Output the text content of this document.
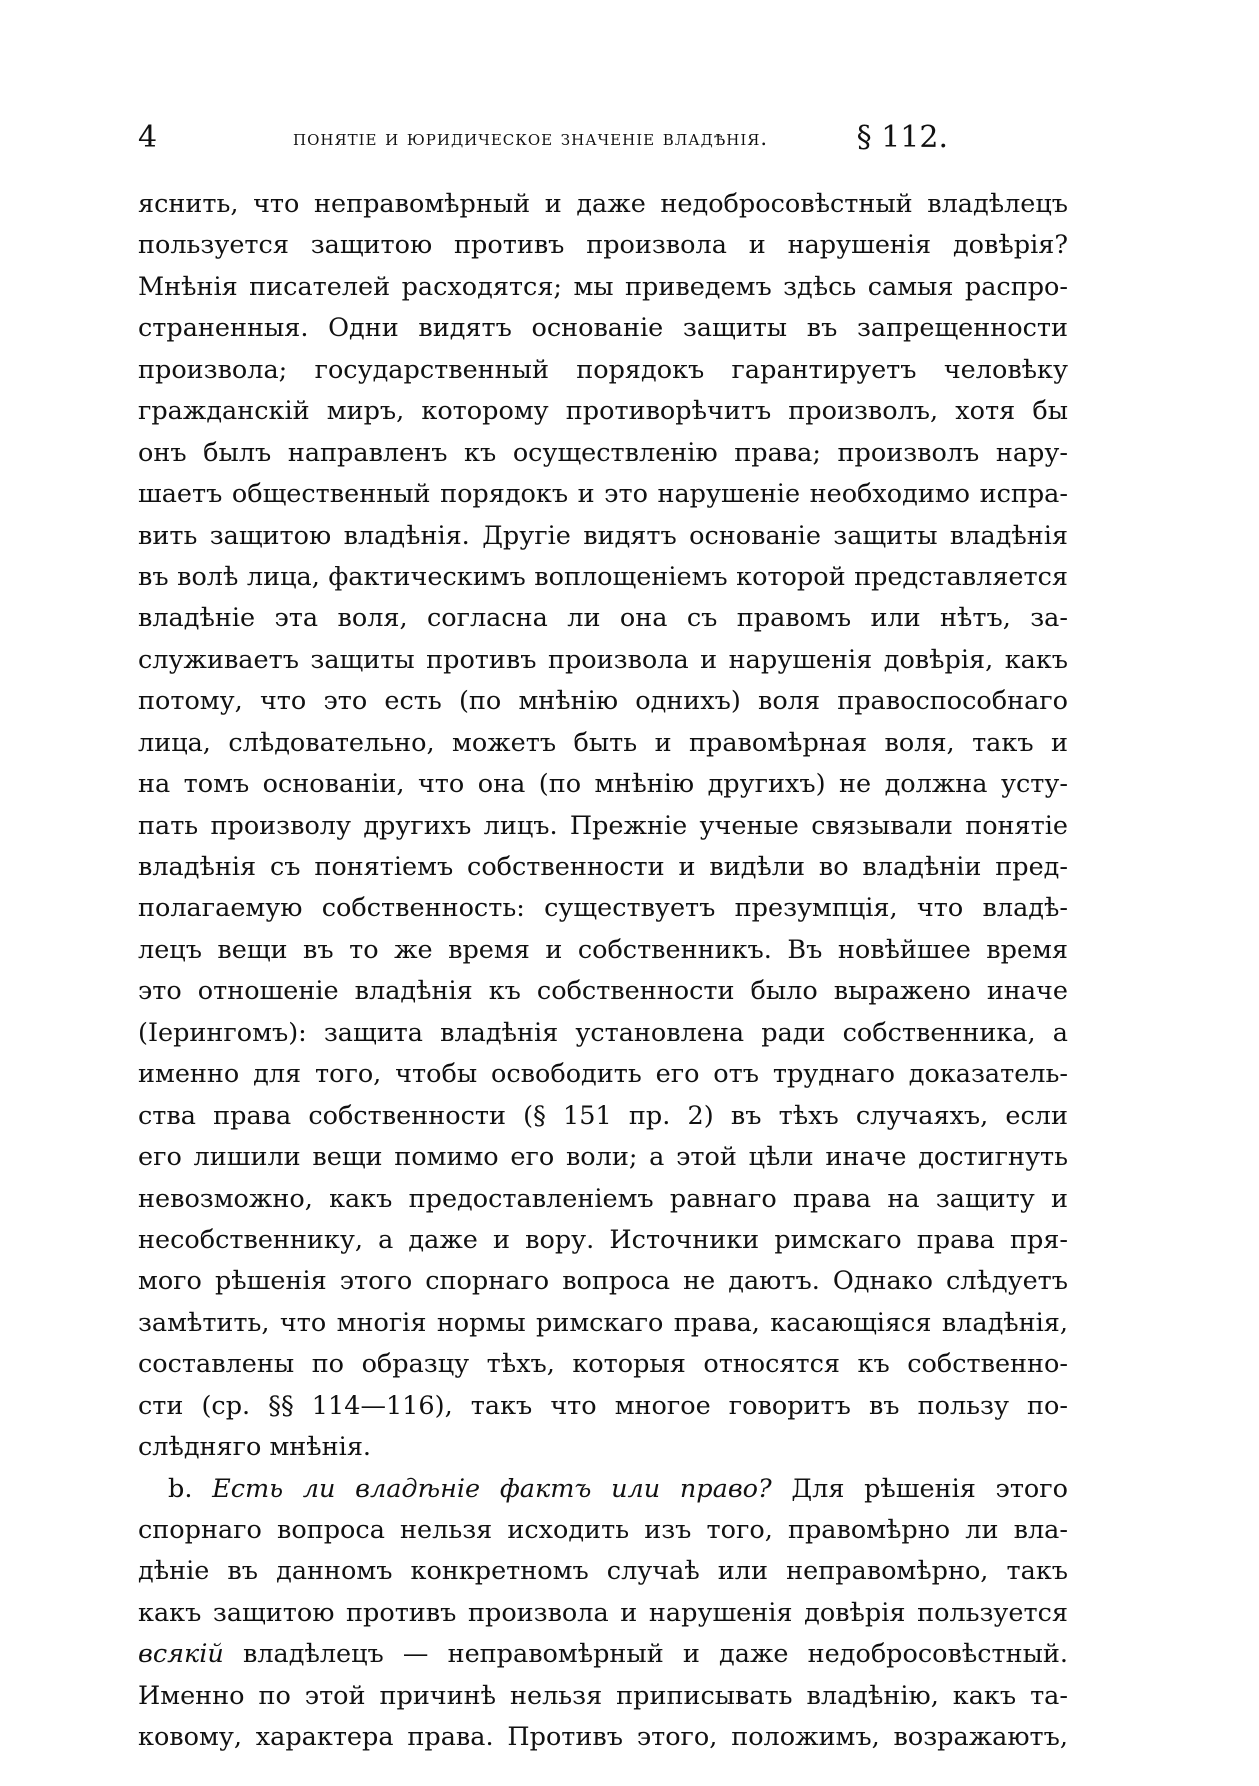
4	понятiе и юридическое значенiе владѣнiя.	§ 112.
яснить, что неправомѣрный и даже недобросовѣстный владѣлецъ
пользуется защитою противъ произвола и нарушенiя довѣрiя?
Мнѣнiя писателей расходятся; мы приведемъ здѣсь самыя распро-
страненныя. Одни видятъ основанiе защиты въ запрещенности
произвола; государственный порядокъ гарантируетъ человѣку
гражданскiй миръ, которому противорѣчитъ произволъ, хотя бы
онъ былъ направленъ къ осуществленiю права; произволъ нару-
шаетъ общественный порядокъ и это нарушенiе необходимо испра-
вить защитою владѣнiя. Другiе видятъ основанiе защиты владѣнiя
въ волѣ лица, фактическимъ воплощенiемъ которой представляется
владѣнiе эта воля, согласна ли она съ правомъ или нѣтъ, за-
служиваетъ защиты противъ произвола и нарушенiя довѣрiя, какъ
потому, что это есть (по мнѣнiю однихъ) воля правоспособнаго
лица, слѣдовательно, можетъ быть и правомѣрная воля, такъ и
на томъ основанiи, что она (по мнѣнiю другихъ) не должна усту-
пать произволу другихъ лицъ. Прежнiе ученые связывали понятiе
владѣнiя съ понятiемъ собственности и видѣли во владѣнiи пред-
полагаемую собственность: существуетъ презумпцiя, что владѣ-
лецъ вещи въ то же время и собственникъ. Въ новѣйшее время
это отношенiе владѣнiя къ собственности было выражено иначе
(Iерингомъ): защита владѣнiя установлена ради собственника, а
именно для того, чтобы освободить его отъ труднаго доказатель-
ства права собственности (§ 151 пр. 2) въ тѣхъ случаяхъ, если
его лишили вещи помимо его воли; а этой цѣли иначе достигнуть
невозможно, какъ предоставленiемъ равнаго права на защиту и
несобственнику, а даже и вору. Источники римскаго права пря-
мого рѣшенiя этого спорнаго вопроса не даютъ. Однако слѣдуетъ
замѣтить, что многiя нормы римскаго права, касающiяся владѣнiя,
составлены по образцу тѣхъ, которыя относятся къ собственно-
сти (ср. §§ 114—116), такъ что многое говоритъ въ пользу по-
слѣдняго мнѣнiя.
b. Есть ли владѣнiе фактъ или право? Для рѣшенiя этого
спорнаго вопроса нельзя исходить изъ того, правомѣрно ли вла-
дѣнiе въ данномъ конкретномъ случаѣ или неправомѣрно, такъ
какъ защитою противъ произвола и нарушенiя довѣрiя пользуется
всякiй владѣлецъ — неправомѣрный и даже недобросовѣстный.
Именно по этой причинѣ нельзя приписывать владѣнiю, какъ та-
ковому, характера права. Противъ этого, положимъ, возражаютъ,
